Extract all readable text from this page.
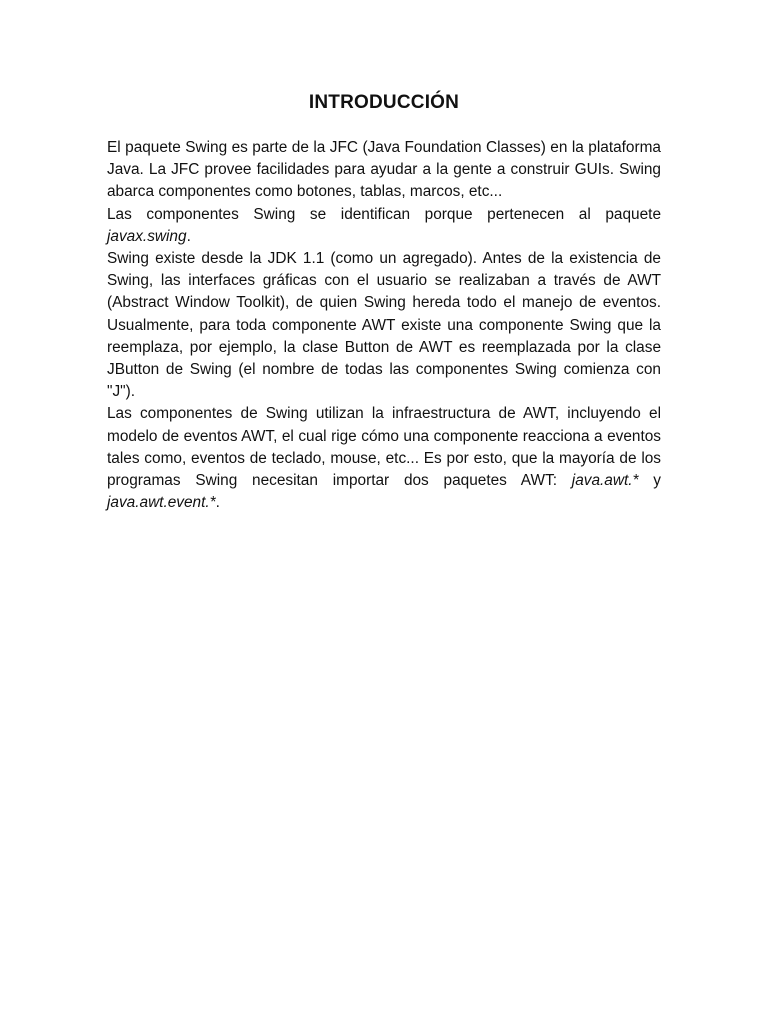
INTRODUCCIÓN

El paquete Swing es parte de la JFC (Java Foundation Classes) en la plataforma Java. La JFC provee facilidades para ayudar a la gente a construir GUIs. Swing abarca componentes como botones, tablas, marcos, etc...

Las componentes Swing se identifican porque pertenecen al paquete javax.swing.

Swing existe desde la JDK 1.1 (como un agregado). Antes de la existencia de Swing, las interfaces gráficas con el usuario se realizaban a través de AWT (Abstract Window Toolkit), de quien Swing hereda todo el manejo de eventos. Usualmente, para toda componente AWT existe una componente Swing que la reemplaza, por ejemplo, la clase Button de AWT es reemplazada por la clase JButton de Swing (el nombre de todas las componentes Swing comienza con "J").

Las componentes de Swing utilizan la infraestructura de AWT, incluyendo el modelo de eventos AWT, el cual rige cómo una componente reacciona a eventos tales como, eventos de teclado, mouse, etc... Es por esto, que la mayoría de los programas Swing necesitan importar dos paquetes AWT: java.awt.* y java.awt.event.*.
